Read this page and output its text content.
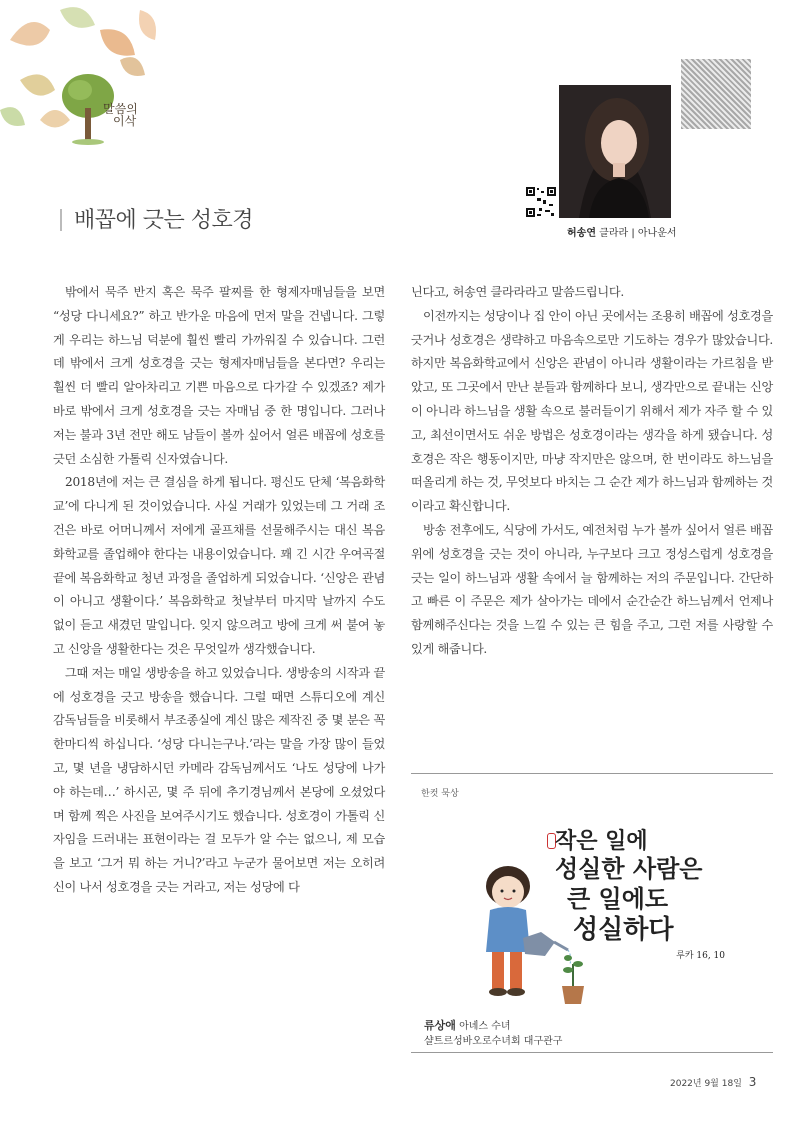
말씀의
이삭
허송연 클라라 | 아나운서
배꼽에 긋는 성호경

밖에서 묵주 반지 혹은 묵주 팔찌를 한 형제자매님들을 보면 “성당 다니세요?” 하고 반가운 마음에 먼저 말을 건넵니다. 그렇게 우리는 하느님 덕분에 훨씬 빨리 가까워질 수 있습니다. 그런데 밖에서 크게 성호경을 긋는 형제자매님들을 본다면? 우리는 훨씬 더 빨리 알아차리고 기쁜 마음으로 다가갈 수 있겠죠? 제가 바로 밖에서 크게 성호경을 긋는 자매님 중 한 명입니다. 그러나 저는 불과 3년 전만 해도 남들이 볼까 싶어서 얼른 배꼽에 성호를 긋던 소심한 가톨릭 신자였습니다.

2018년에 저는 큰 결심을 하게 됩니다. 평신도 단체 ‘복음화학교’에 다니게 된 것이었습니다. 사실 거래가 있었는데 그 거래 조건은 바로 어머니께서 저에게 골프채를 선물해주시는 대신 복음화학교를 졸업해야 한다는 내용이었습니다. 꽤 긴 시간 우여곡절 끝에 복음화학교 청년 과정을 졸업하게 되었습니다. ‘신앙은 관념이 아니고 생활이다.’ 복음화학교 첫날부터 마지막 날까지 수도 없이 듣고 새겼던 말입니다. 잊지 않으려고 방에 크게 써 붙여 놓고 신앙을 생활한다는 것은 무엇일까 생각했습니다.

그때 저는 매일 생방송을 하고 있었습니다. 생방송의 시작과 끝에 성호경을 긋고 방송을 했습니다. 그럴 때면 스튜디오에 계신 감독님들을 비롯해서 부조종실에 계신 많은 제작진 중 몇 분은 꼭 한마디씩 하십니다. ‘성당 다니는구나.’라는 말을 가장 많이 들었고, 몇 년을 냉담하시던 카메라 감독님께서도 ‘나도 성당에 나가야 하는데…’ 하시곤, 몇 주 뒤에 추기경님께서 본당에 오셨었다며 함께 찍은 사진을 보여주시기도 했습니다. 성호경이 가톨릭 신자임을 드러내는 표현이라는 걸 모두가 알 수는 없으니, 제 모습을 보고 ‘그거 뭐 하는 거니?’라고 누군가 물어보면 저는 오히려 신이 나서 성호경을 긋는 거라고, 저는 성당에 다

닌다고, 허송연 클라라라고 말씀드립니다.

이전까지는 성당이나 집 안이 아닌 곳에서는 조용히 배꼽에 성호경을 긋거나 성호경은 생략하고 마음속으로만 기도하는 경우가 많았습니다. 하지만 복음화학교에서 신앙은 관념이 아니라 생활이라는 가르침을 받았고, 또 그곳에서 만난 분들과 함께하다 보니, 생각만으로 끝내는 신앙이 아니라 하느님을 생활 속으로 불러들이기 위해서 제가 자주 할 수 있고, 최선이면서도 쉬운 방법은 성호경이라는 생각을 하게 됐습니다. 성호경은 작은 행동이지만, 마냥 작지만은 않으며, 한 번이라도 하느님을 떠올리게 하는 것, 무엇보다 바치는 그 순간 제가 하느님과 함께하는 것이라고 확신합니다.

방송 전후에도, 식당에 가서도, 예전처럼 누가 볼까 싶어서 얼른 배꼽 위에 성호경을 긋는 것이 아니라, 누구보다 크고 정성스럽게 성호경을 긋는 일이 하느님과 생활 속에서 늘 함께하는 저의 주문입니다. 간단하고 빠른 이 주문은 제가 살아가는 데에서 순간순간 하느님께서 언제나 함께해주신다는 것을 느낄 수 있는 큰 힘을 주고, 그런 저를 사랑할 수 있게 해줍니다.

한컷 묵상
작은 일에
성실한 사람은
큰 일에도
성실하다
루카 16, 10
류상애 아녜스 수녀
샬트르성바오로수녀회 대구관구
2022년 9월 18일 3
